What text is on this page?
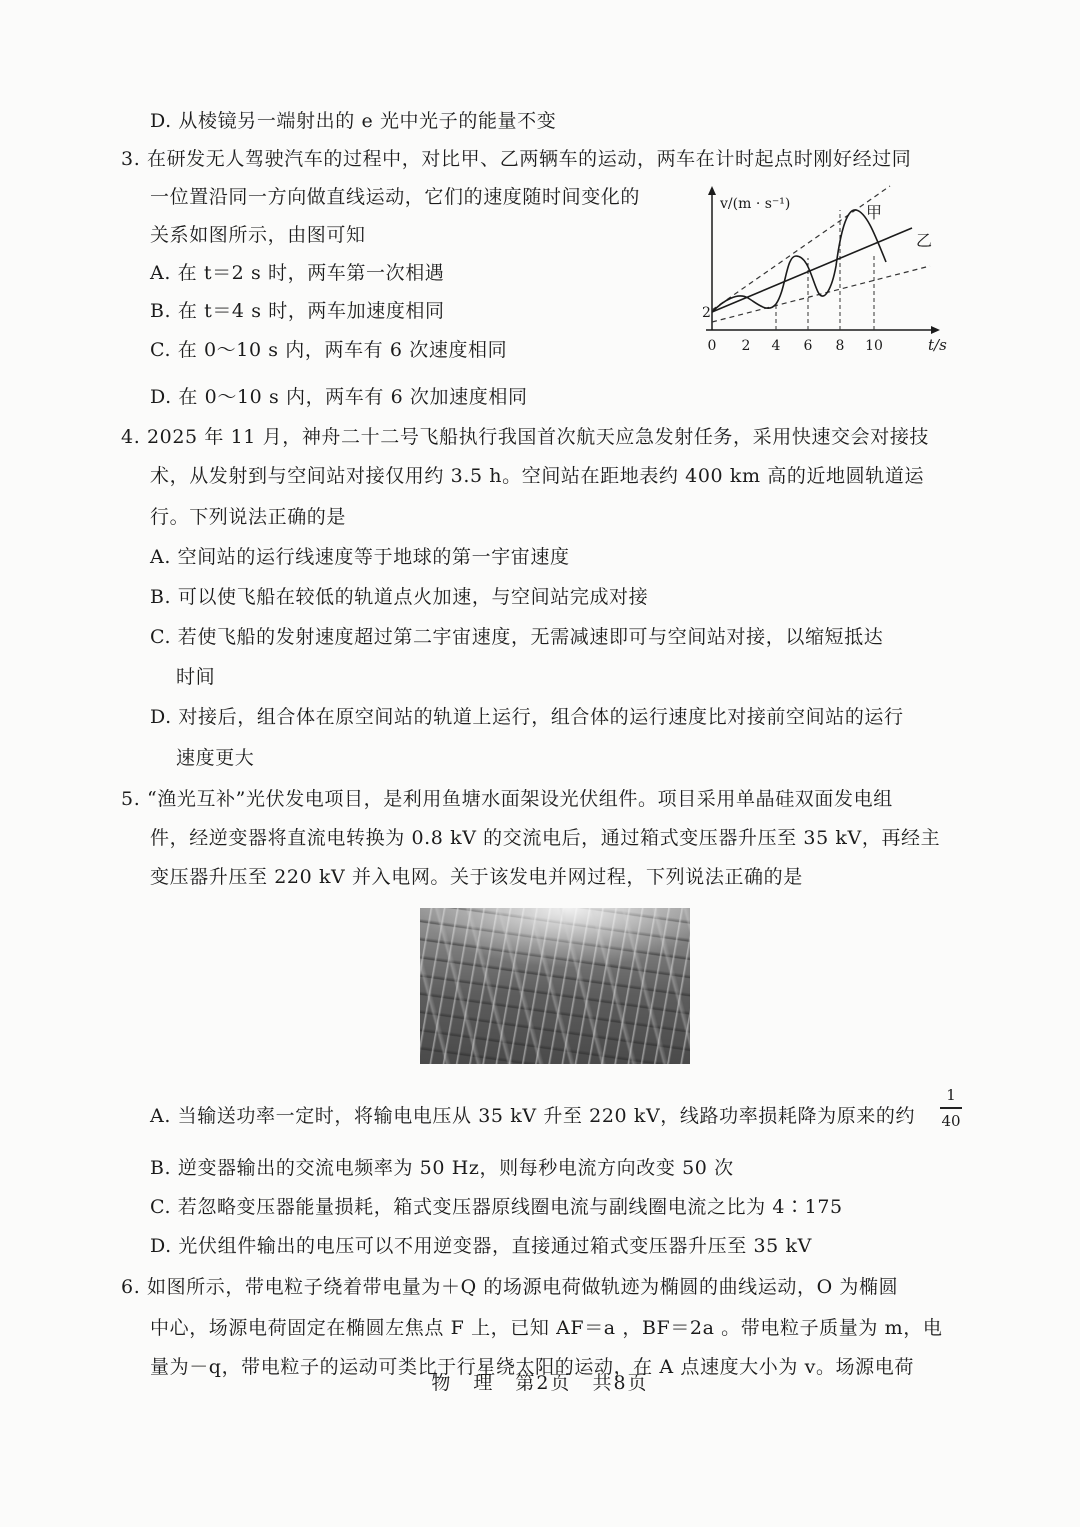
D. 从棱镜另一端射出的 e 光中光子的能量不变
3. 在研发无人驾驶汽车的过程中，对比甲、乙两辆车的运动，两车在计时起点时刚好经过同
一位置沿同一方向做直线运动，它们的速度随时间变化的
关系如图所示，由图可知
A. 在 t＝2 s 时，两车第一次相遇
B. 在 t＝4 s 时，两车加速度相同
C. 在 0～10 s 内，两车有 6 次速度相同
D. 在 0～10 s 内，两车有 6 次加速度相同
4. 2025 年 11 月，神舟二十二号飞船执行我国首次航天应急发射任务，采用快速交会对接技
术，从发射到与空间站对接仅用约 3.5 h。空间站在距地表约 400 km 高的近地圆轨道运
行。下列说法正确的是
A. 空间站的运行线速度等于地球的第一宇宙速度
B. 可以使飞船在较低的轨道点火加速，与空间站完成对接
C. 若使飞船的发射速度超过第二宇宙速度，无需减速即可与空间站对接，以缩短抵达
时间
D. 对接后，组合体在原空间站的轨道上运行，组合体的运行速度比对接前空间站的运行
速度更大
5. “渔光互补”光伏发电项目，是利用鱼塘水面架设光伏组件。项目采用单晶硅双面发电组
件，经逆变器将直流电转换为 0.8 kV 的交流电后，通过箱式变压器升压至 35 kV，再经主
变压器升压至 220 kV 并入电网。关于该发电并网过程，下列说法正确的是
A. 当输送功率一定时，将输电电压从 35 kV 升至 220 kV，线路功率损耗降为原来的约
1
40
B. 逆变器输出的交流电频率为 50 Hz，则每秒电流方向改变 50 次
C. 若忽略变压器能量损耗，箱式变压器原线圈电流与副线圈电流之比为 4∶175
D. 光伏组件输出的电压可以不用逆变器，直接通过箱式变压器升压至 35 kV
6. 如图所示，带电粒子绕着带电量为＋Q 的场源电荷做轨迹为椭圆的曲线运动，O 为椭圆
中心，场源电荷固定在椭圆左焦点 F 上，已知 AF＝a ，BF＝2a 。带电粒子质量为 m，电
量为－q，带电粒子的运动可类比于行星绕太阳的运动，在 A 点速度大小为 v。场源电荷
v/(m · s⁻¹)
t/s
2
甲
乙
0 2 4 6 8 10
物　理　第2页　共8页
